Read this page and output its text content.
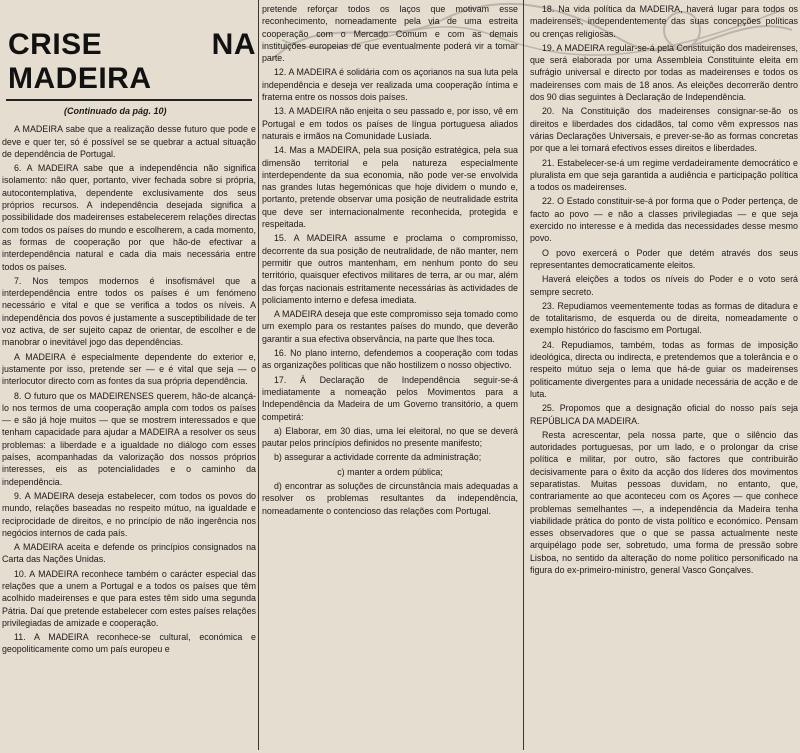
CRISE NA MADEIRA
(Continuado da pág. 10)

A MADEIRA sabe que a realização desse futuro que pode e deve e quer ter, só é possível se se quebrar a actual situação de dependência de Portugal.

6. A MADEIRA sabe que a independência não significa isolamento: não quer, portanto, viver fechada sobre si própria, autocontemplativa, dependente exclusivamente dos seus próprios recursos. A independência desejada significa a possibilidade dos madeirenses estabelecerem relações directas com todos os países do mundo e escolherem, a cada momento, as formas de cooperação por que hão-de efectivar a interdependência natural e cada dia mais necessária entre todos os países.

7. Nos tempos modernos é insofismável que a interdependência entre todos os países é um fenómeno necessário e vital e que se verifica a todos os níveis. A independência dos povos é justamente a susceptibilidade de ter voz activa, de ser sujeito capaz de orientar, de escolher e de manobrar o inevitável jogo das dependências.

A MADEIRA é especialmente dependente do exterior e, justamente por isso, pretende ser — e é vital que seja — o interlocutor directo com as fontes da sua própria dependência.

8. O futuro que os MADEIRENSES querem, hão-de alcançá-lo nos termos de uma cooperação ampla com todos os países — e são já hoje muitos — que se mostrem interessados e que tenham capacidade para ajudar a MADEIRA a resolver os seus problemas: a liberdade e a igualdade no diálogo com esses países, acompanhadas da valorização dos nossos próprios interesses, eis as potencialidades e o caminho da independência.

9. A MADEIRA deseja estabelecer, com todos os povos do mundo, relações baseadas no respeito mútuo, na igualdade e reciprocidade de direitos, e no princípio de não ingerência nos negócios internos de cada país.

A MADEIRA aceita e defende os princípios consignados na Carta das Nações Unidas.

10. A MADEIRA reconhece também o carácter especial das relações que a unem a Portugal e a todos os países que têm acolhido madeirenses e que para estes têm sido uma segunda Pátria. Daí que pretende estabelecer com estes países relações privilegiadas de amizade e cooperação.

11. A MADEIRA reconhece-se cultural, económica e geopoliticamente como um país europeu e

pretende reforçar todos os laços que motivam esse reconhecimento, nomeadamente pela via de uma estreita cooperação com o Mercado Comum e com as demais instituições europeias de que eventualmente poderá vir a tomar parte.

12. A MADEIRA é solidária com os açorianos na sua luta pela independência e deseja ver realizada uma cooperação íntima e fraterna entre os nossos dois países.

13. A MADEIRA não enjeita o seu passado e, por isso, vê em Portugal e em todos os países de língua portuguesa aliados naturais e irmãos na Comunidade Lusíada.

14. Mas a MADEIRA, pela sua posição estratégica, pela sua dimensão territorial e pela natureza especialmente interdependente da sua economia, não pode ver-se envolvida nas grandes lutas hegemónicas que hoje dividem o mundo e, portanto, pretende observar uma posição de neutralidade estrita que deve ser internacionalmente reconhecida, protegida e respeitada.

15. A MADEIRA assume e proclama o compromisso, decorrente da sua posição de neutralidade, de não manter, nem permitir que outros mantenham, em nenhum ponto do seu território, quaisquer efectivos militares de terra, ar ou mar, além das forças nacionais estritamente necessárias às actividades de policiamento interno e defesa imediata.

A MADEIRA deseja que este compromisso seja tomado como um exemplo para os restantes países do mundo, que deverão garantir a sua efectiva observância, na parte que lhes toca.

16. No plano interno, defendemos a cooperação com todas as organizações políticas que não hostilizem o nosso objectivo.

17. À Declaração de Independência seguir-se-á imediatamente a nomeação pelos Movimentos para a Independência da Madeira de um Governo transitório, a quem competirá:

a) Elaborar, em 30 dias, uma lei eleitoral, no que se deverá pautar pelos princípios definidos no presente manifesto;

b) assegurar a actividade corrente da administração;

c) manter a ordem pública;

d) encontrar as soluções de circunstância mais adequadas a resolver os problemas resultantes da independência, nomeadamente o contencioso das relações com Portugal.

18. Na vida política da MADEIRA, haverá lugar para todos os madeirenses, independentemente das suas concepções políticas ou crenças religiosas.

19. A MADEIRA regular-se-á pela Constituição dos madeirenses, que será elaborada por uma Assembleia Constituinte eleita em sufrágio universal e directo por todas as madeirenses e todos os madeirenses com mais de 18 anos. As eleições decorrerão dentro dos 90 dias seguintes à Declaração de Independência.

20. Na Constituição dos madeirenses consignar-se-ão os direitos e liberdades dos cidadãos, tal como vêm expressos nas várias Declarações Universais, e prever-se-ão as formas concretas por que a lei tornará efectivos esses direitos e liberdades.

21. Estabelecer-se-á um regime verdadeiramente democrático e pluralista em que seja garantida a audiência e participação política a todos os madeirenses.

22. O Estado constituir-se-á por forma que o Poder pertença, de facto ao povo — e não a classes privilegiadas — e que seja exercido no interesse e à medida das necessidades desse mesmo povo.

O povo exercerá o Poder que detém através dos seus representantes democraticamente eleitos.

Haverá eleições a todos os níveis do Poder e o voto será sempre secreto.

23. Repudiamos veementemente todas as formas de ditadura e de totalitarismo, de esquerda ou de direita, nomeadamente o exemplo histórico do fascismo em Portugal.

24. Repudiamos, também, todas as formas de imposição ideológica, directa ou indirecta, e pretendemos que a tolerância e o respeito mútuo seja o lema que há-de guiar os madeirenses politicamente divergentes para a unidade necessária de acção e de luta.

25. Propomos que a designação oficial do nosso país seja REPÚBLICA DA MADEIRA.

Resta acrescentar, pela nossa parte, que o silêncio das autoridades portuguesas, por um lado, e o prolongar da crise política e militar, por outro, são factores que contribuirão decisivamente para o êxito da acção dos líderes dos movimentos separatistas. Muitas pessoas duvidam, no entanto, que, contrariamente ao que aconteceu com os Açores — que conhece problemas semelhantes —, a independência da Madeira tenha viabilidade prática do ponto de vista político e económico. Pensam esses observadores que o que se passa actualmente neste arquipélago pode ser, sobretudo, uma forma de pressão sobre Lisboa, no sentido da alteração do nome político personificado na figura do ex-primeiro-ministro, general Vasco Gonçalves.
